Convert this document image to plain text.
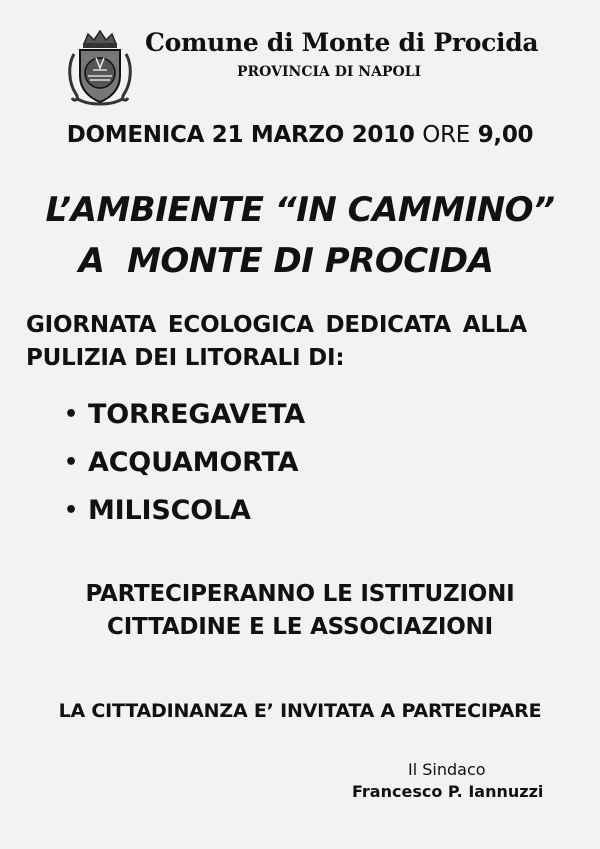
Comune di Monte di Procida
PROVINCIA DI NAPOLI
DOMENICA 21 MARZO 2010 ORE 9,00
L’AMBIENTE “IN CAMMINO”
A  MONTE DI PROCIDA
GIORNATA ECOLOGICA DEDICATA ALLA
PULIZIA DEI LITORALI DI:
• TORREGAVETA
• ACQUAMORTA
• MILISCOLA
PARTECIPERANNO LE ISTITUZIONI
CITTADINE E LE ASSOCIAZIONI
LA CITTADINANZA E’ INVITATA A PARTECIPARE
Il Sindaco
Francesco P. Iannuzzi
